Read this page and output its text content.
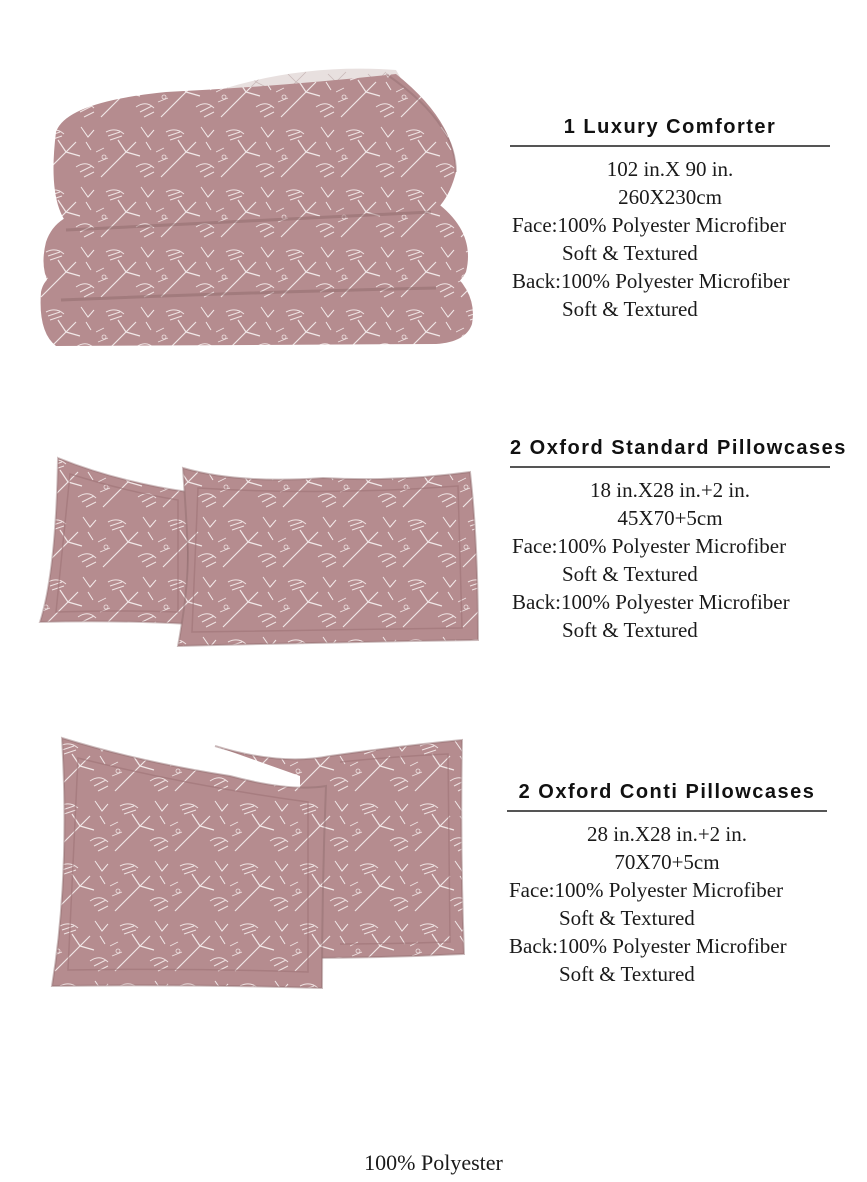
1 Luxury Comforter
102 in.X 90 in.
260X230cm
Face:100% Polyester Microfiber
Soft & Textured
Back:100% Polyester Microfiber
Soft & Textured
2 Oxford Standard Pillowcases
18 in.X28 in.+2 in.
45X70+5cm
Face:100% Polyester Microfiber
Soft & Textured
Back:100% Polyester Microfiber
Soft & Textured
2 Oxford Conti Pillowcases
28 in.X28 in.+2 in.
70X70+5cm
Face:100% Polyester Microfiber
Soft & Textured
Back:100% Polyester Microfiber
Soft & Textured
100% Polyester
